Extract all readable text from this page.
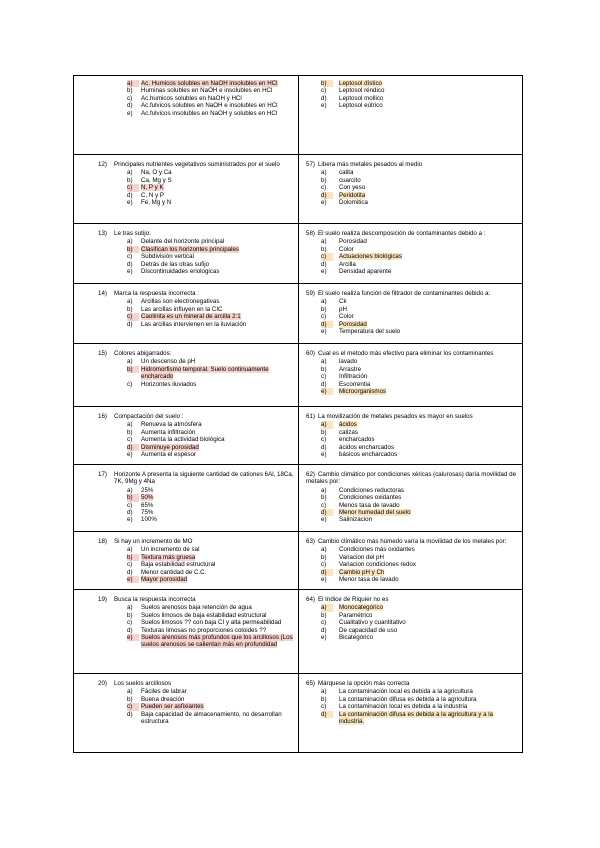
a)	Ac. Humicos solubles en NaOH insolubles en HCl
b)	Huminas solubles en NaOH e insolubles en HCl
c)	Ac.humicos solubles en NaOH y HCl
d)	Ac.fulvicos solubles en NaOH e insolubles en HCl
e)	Ac.fulvicos insolubles en NaOH y solubles en HCl
b)	Leptosol dístico
c)	Leptosol réndico
d)	Leptosol mollico
e)	Leptosol eútrico
12) Principales nutrientes vegetativos suministrados por el suelo
a)	Na, O y Ca
b)	Ca, Mg y S
c)	N, P y K
d)	C, N y P
e)	Fe, Mg y N
57) Libera más metales pesados al medio
a)	calita
b)	cuarcito
c)	Con yeso
d)	Peridotita
e)	Dolomitica
13) Le tras sutijo:
a)	Delante del horizonte principal
b)	Clasifican los horizontes principales
c)	Subdivisión vertical
d)	Detrás de las otras sufijo
e)	Discontinuidades eriologicas
58) El suelo realiza descomposición de contaminantes debido a :
a)	Porosidad
b)	Color
c)	Actuaciones biológicas
d)	Arcilla
e)	Densidad aparente
14) Marca la respuesta incorrecta :
a)	Arcillas son electronegativas
b)	Las arcillas influyen en la CIC
c)	Caolinita es un mineral de arcilla 2:1
d)	Las arcillas intervienen en la iluviación
59) El suelo realiza función de filtrador de contaminantes debido a:
a)	Ck
b)	pH
c)	Color
d)	Porosidad
e)	Temperatura del suelo
15) Colores abigarrados:
a)	Un descenso de pH
b)	Hidromorfismo temporal. Suelo continuamente encharcado
c)	Horizontes iluviados
60) Cual es el metodo más efectivo para eliminar los contaminantes
a)	lavado
b)	Arrastre
c)	Infiltración
d)	Escorrentia
e)	Microorganismos
16) Compactación del suelo :
a)	Renueva la atmósfera
b)	Aumenta infiltración
c)	Aumenta la actividad biológica
d)	Disminuye porosidad
e)	Aumenta el espesor
61) La movilización de metales pesados es mayor en suelos
a)	ácidos
b)	calizas
c)	encharcados
d)	ácidos encharcados
e)	básicos encharcados
17) Horizonte A presenta la siguiente cantidad de cationes 6Al, 18Ca, 7K, 9Mg y 4Na
a)	25%
b)	50%
c)	65%
d)	75%
e)	100%
62) Cambio climático por condiciones xéricas (calurosas) daría movilidad de metales por:
a)	Condiciones reductoras
b)	Condiciones oxidantes
c)	Menos tasa de lavado
d)	Menor humedad del suelo
e)	Salinizacion
18) Si hay un incremento de MO
a)	Un incremento de sal
b)	Textura más gruesa
c)	Baja estabilidad estructural
d)	Menor cantidad de C.C.
e)	Mayor porosidad
63) Cambio climático más húmedo varía la movilidad de los metales por:
a)	Condiciones más oxidantes
b)	Variacion del pH
c)	Variacion condiciones redox
d)	Cambio pH y Ch
e)	Menor tasa de lavado
19) Busca la respuesta incorrecta
a)	Suelos arenosos baja retención de agua
b)	Suelos limosos de baja estabilidad estructural
c)	Suelos limosos ?? con baja CI y alta permeabilidad
d)	Texturas limosas no proporciones coloides ??
e)	Suelos arenosos más profundos que los arcillosos (Los suelos arenosos se calientan más en profundidad
64) El Indice de Riquier no es
a)	Monocategórico
b)	Paramétrico
c)	Cualitativo y cuantitativo
d)	De capacidad de uso
e)	Bicategórico
20) Los suelos arcillosos
a)	Fáciles de labrar
b)	Buena dreación
c)	Pueden ser asfixiantes
d)	Baja capacidad de almacenamiento, no desarrollan estructura
65) Márquese la opción más correcta
a)	La contaminación local es debida a la agricultura
b)	La contaminación difusa es debida a la agricultura
c)	La contaminación local es debida a la industria
d)	La contaminación difusa es debida a la agricultura y a la industria.
